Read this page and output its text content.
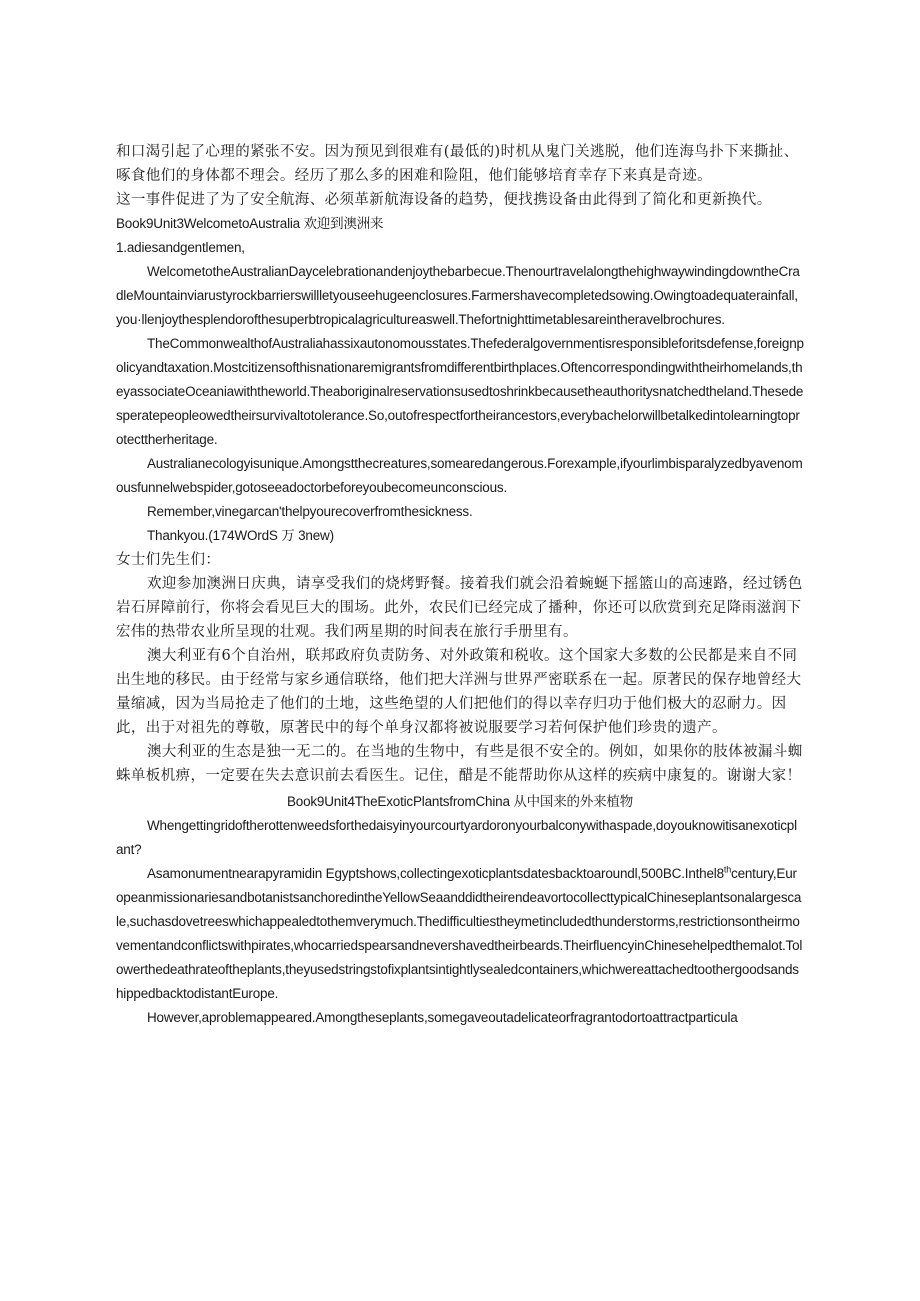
和口渴引起了心理的紧张不安。因为预见到很难有(最低的)时机从鬼门关逃脱，他们连海鸟扑下来撕扯、啄食他们的身体都不理会。经历了那么多的困难和险阻，他们能够培育幸存下来真是奇迹。

这一事件促进了为了安全航海、必须革新航海设备的趋势，便找携设备由此得到了简化和更新换代。

Book9Unit3WelcometoAustralia 欢迎到澳洲来

1.adiesandgentlemen,

WelcometotheAustralianDaycelebrationandenjoythebarbecue.ThenourtravelalongthehighwaywindingdowntheCradleMountainviarustyrockbarrierswillletyouseehugeenclosures.Farmershavecompletedsowing.Owingtoadequaterainfall,you·llenjoythesplendorofthesuperbtropicalagricultureaswell.Thefortnighttimetablesareintheravelbrochures.

TheCommonwealthofAustraliahassixautonomousstates.Thefederalgovernmentisresponsibleforitsdefense,foreignpolicyandtaxation.Mostcitizensofthisnationaremigrantsfromdifferentbirthplaces.Oftencorrespondingwiththeirhomelands,theyassociateOceaniawiththeworld.Theaboriginalreservationsusedtoshrinkbecausetheauthoritysnatchedtheland.Thesedesperatepeopleowedtheirsurvivaltotolerance.So,outofrespectfortheirancestors,everybachelorwillbetalkedintolearningtoprotecttherheritage.

Australianecologyisunique.Amongstthecreatures,somearedangerous.Forexample,ifyourlimbisparalyzedbyavenomousfunnelwebspider,gotoseeadoctorbeforeyoubecomeunconscious.

Remember,vinegarcan'thelpyourecoverfromthesickness.

Thankyou.(174WOrdS 万 3new)

女士们先生们：

欢迎参加澳洲日庆典，请享受我们的烧烤野餐。接着我们就会沿着蜿蜒下摇篮山的高速路，经过锈色岩石屏障前行，你将会看见巨大的围场。此外，农民们已经完成了播种，你还可以欣赏到充足降雨滋润下宏伟的热带农业所呈现的壮观。我们两星期的时间表在旅行手册里有。

澳大利亚有6个自治州，联邦政府负责防务、对外政策和税收。这个国家大多数的公民都是来自不同出生地的移民。由于经常与家乡通信联络，他们把大洋洲与世界严密联系在一起。原著民的保存地曾经大量缩减，因为当局抢走了他们的土地，这些绝望的人们把他们的得以幸存归功于他们极大的忍耐力。因此，出于对祖先的尊敬，原著民中的每个单身汉都将被说服要学习若何保护他们珍贵的遗产。

澳大利亚的生态是独一无二的。在当地的生物中，有些是很不安全的。例如，如果你的肢体被漏斗蜘蛛单板机痹，一定要在失去意识前去看医生。记住，醋是不能帮助你从这样的疾病中康复的。谢谢大家！

Book9Unit4TheExoticPlantsfromChina 从中国来的外来植物

Whengettingridoftherottenweedsforthedaisyinyourcourtyardoronyourbalconywithaspade,doyouknowitisanexoticplant?

Asamonumentnearapyramidin Egyptshows,collectingexoticplantsdatesbacktoaroundl,500BC.Inthel8thcentury,EuropeanmissionariesandbotanistsanchoredintheYellowSeaanddidtheirendeavortocollecttypicalChineseplantsonalargescale,suchasdovetreeswhichappealedtothemverymuch.Thedifficultiestheymetincludedthunderstorms,restrictionsontheirmovementandconflictswithpirates,whocarriedspearsandnevershavedtheirbeards.TheirfluencyinChinesehelpedthemalot.Tolowerthedeathrateoftheplants,theyusedstringstofixplantsintightlysealedcontainers,whichwereattachedtoothergoodsandshippedbacktodistantEurope.

However,aproblemappeared.Amongtheseplants,somegaveoutadelicateorfragrantodortoattractparticula
